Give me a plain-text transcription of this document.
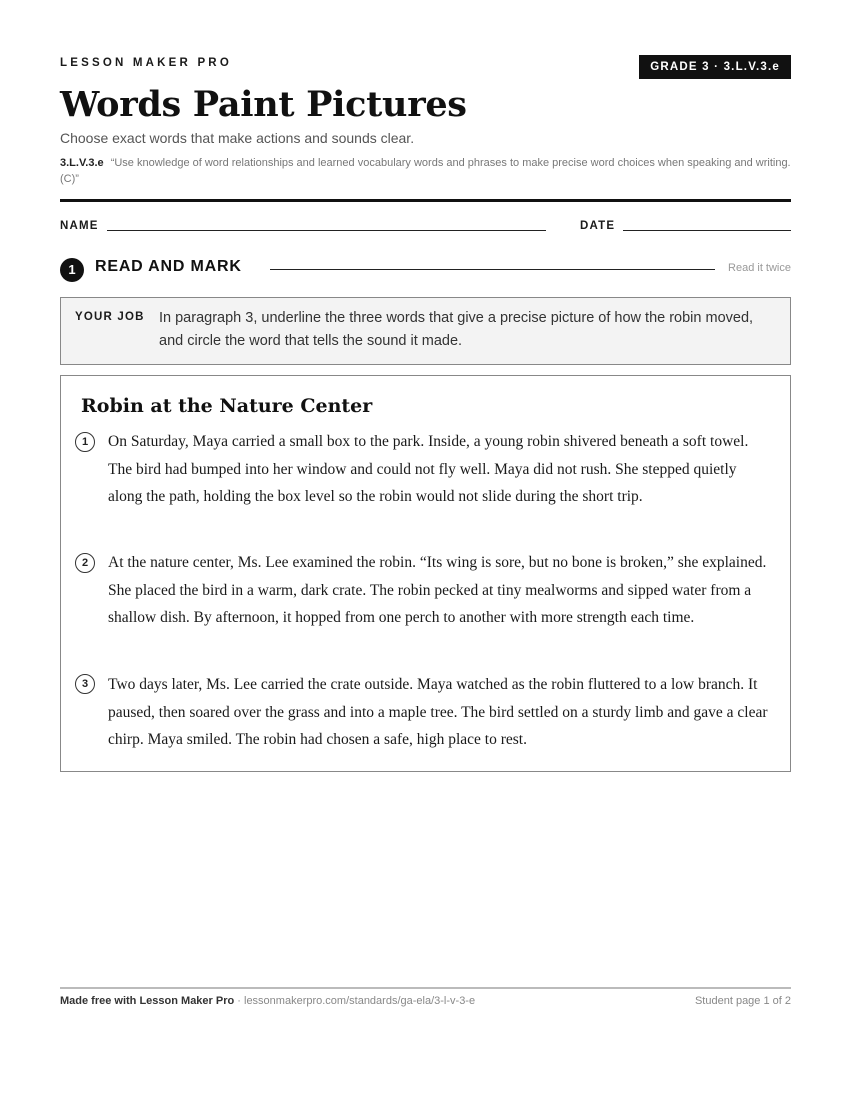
LESSON MAKER PRO	GRADE 3 · 3.L.V.3.e
Words Paint Pictures
Choose exact words that make actions and sounds clear.
3.L.V.3.e “Use knowledge of word relationships and learned vocabulary words and phrases to make precise word choices when speaking and writing. (C)”
NAME	DATE
1	READ AND MARK	Read it twice
YOUR JOB In paragraph 3, underline the three words that give a precise picture of how the robin moved, and circle the word that tells the sound it made.
Robin at the Nature Center
1	On Saturday, Maya carried a small box to the park. Inside, a young robin shivered beneath a soft towel. The bird had bumped into her window and could not fly well. Maya did not rush. She stepped quietly along the path, holding the box level so the robin would not slide during the short trip.
2	At the nature center, Ms. Lee examined the robin. “Its wing is sore, but no bone is broken,” she explained. She placed the bird in a warm, dark crate. The robin pecked at tiny mealworms and sipped water from a shallow dish. By afternoon, it hopped from one perch to another with more strength each time.
3	Two days later, Ms. Lee carried the crate outside. Maya watched as the robin fluttered to a low branch. It paused, then soared over the grass and into a maple tree. The bird settled on a sturdy limb and gave a clear chirp. Maya smiled. The robin had chosen a safe, high place to rest.
Made free with Lesson Maker Pro · lessonmakerpro.com/standards/ga-ela/3-l-v-3-e	Student page 1 of 2
